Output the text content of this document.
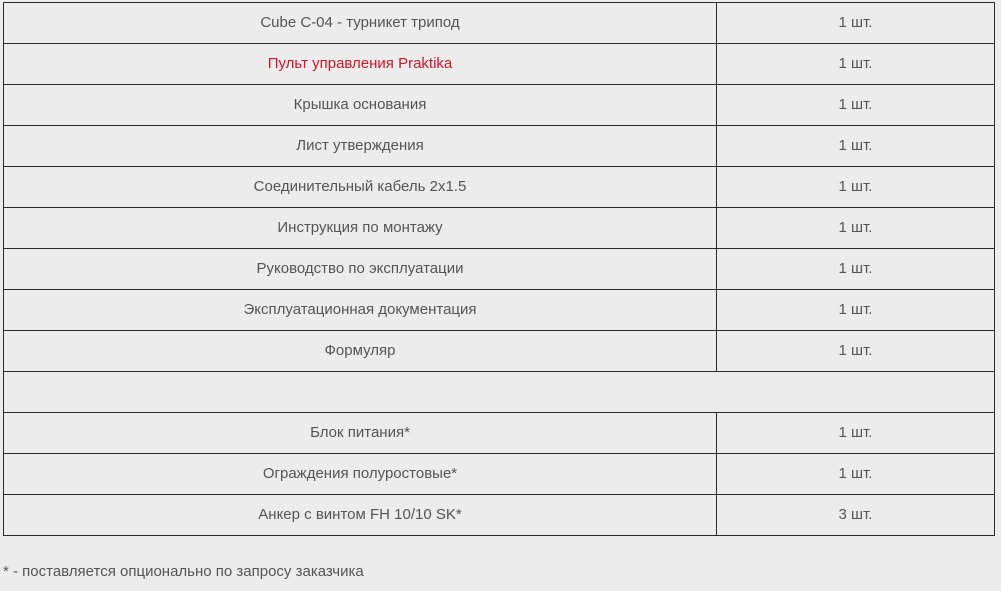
Cube C-04 - турникет трипод	1 шт.
Пульт управления Praktika	1 шт.
Крышка основания	1 шт.
Лист утверждения	1 шт.
Соединительный кабель 2х1.5	1 шт.
Инструкция по монтажу	1 шт.
Руководство по эксплуатации	1 шт.
Эксплуатационная документация	1 шт.
Формуляр	1 шт.

Блок питания*	1 шт.
Ограждения полуростовые*	1 шт.
Анкер с винтом FH 10/10 SK*	3 шт.
* - поставляется опционально по запросу заказчика
